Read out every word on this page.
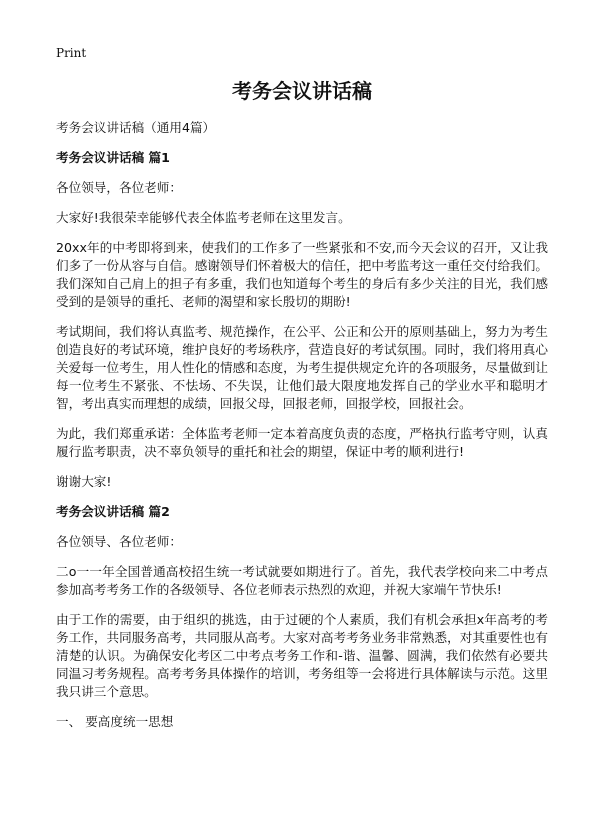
Print
考务会议讲话稿
考务会议讲话稿（通用4篇）
考务会议讲话稿 篇1
各位领导，各位老师：
大家好!我很荣幸能够代表全体监考老师在这里发言。
20xx年的中考即将到来，使我们的工作多了一些紧张和不安,而今天会议的召开，又让我们多了一份从容与自信。感谢领导们怀着极大的信任，把中考监考这一重任交付给我们。我们深知自己肩上的担子有多重，我们也知道每个考生的身后有多少关注的目光，我们感受到的是领导的重托、老师的渴望和家长殷切的期盼!
考试期间，我们将认真监考、规范操作，在公平、公正和公开的原则基础上，努力为考生创造良好的考试环境，维护良好的考场秩序，营造良好的考试氛围。同时，我们将用真心关爱每一位考生，用人性化的情感和态度，为考生提供规定允许的各项服务，尽量做到让每一位考生不紧张、不怯场、不失误，让他们最大限度地发挥自己的学业水平和聪明才智，考出真实而理想的成绩，回报父母，回报老师，回报学校，回报社会。
为此，我们郑重承诺：全体监考老师一定本着高度负责的态度，严格执行监考守则，认真履行监考职责，决不辜负领导的重托和社会的期望，保证中考的顺利进行!
谢谢大家!
考务会议讲话稿 篇2
各位领导、各位老师：
二o一一年全国普通高校招生统一考试就要如期进行了。首先，我代表学校向来二中考点参加高考考务工作的各级领导、各位老师表示热烈的欢迎，并祝大家端午节快乐!
由于工作的需要，由于组织的挑选，由于过硬的个人素质，我们有机会承担x年高考的考务工作，共同服务高考，共同服从高考。大家对高考考务业务非常熟悉，对其重要性也有清楚的认识。为确保安化考区二中考点考务工作和-谐、温馨、圆满，我们依然有必要共同温习考务规程。高考考务具体操作的培训，考务组等一会将进行具体解读与示范。这里我只讲三个意思。
一、 要高度统一思想
